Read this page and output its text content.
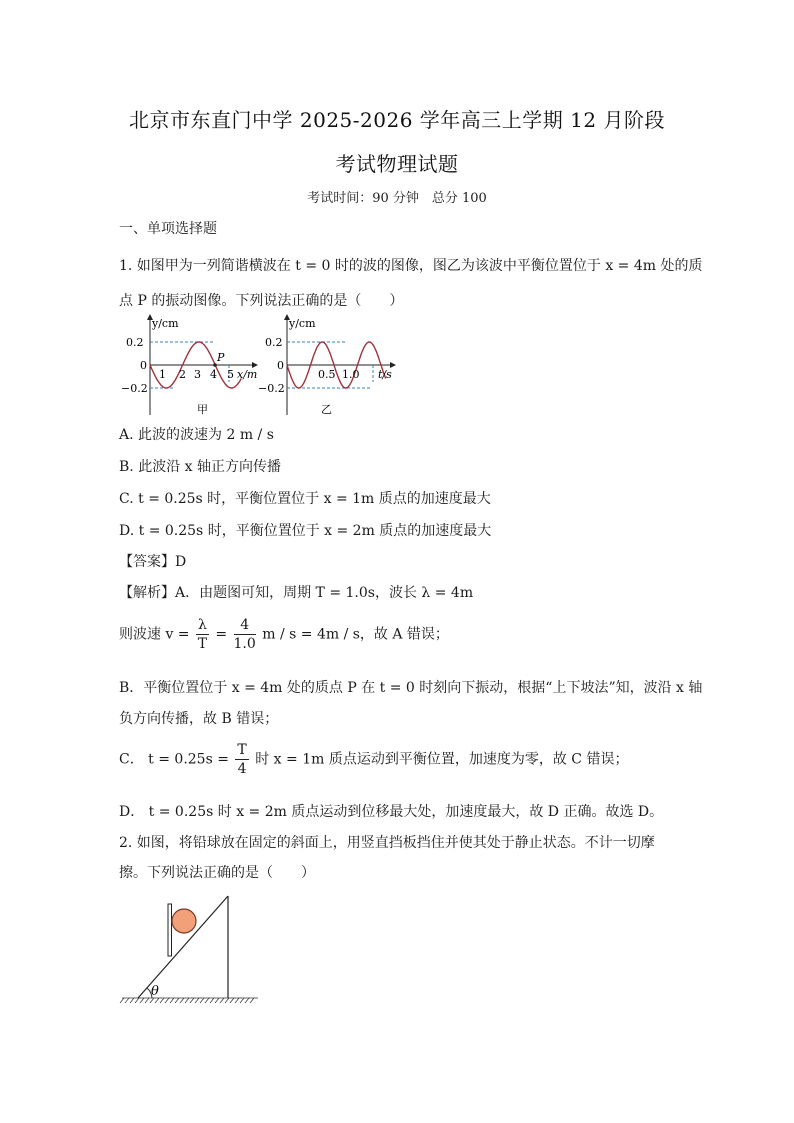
北京市东直门中学 2025-2026 学年高三上学期 12 月阶段
考试物理试题
考试时间：90 分钟　总分 100
一、单项选择题
1. 如图甲为一列简谐横波在 t = 0 时的波的图像，图乙为该波中平衡位置位于 x = 4m 处的质
点 P 的振动图像。下列说法正确的是（　　）
P
y/cm
0.2
0
−0.2
1 2 3 4 5 x/m
甲
y/cm
0.2
0
−0.2
0.5 1.0 t/s
乙
A. 此波的波速为 2 m / s
B. 此波沿 x 轴正方向传播
C. t = 0.25s 时，平衡位置位于 x = 1m 质点的加速度最大
D. t = 0.25s 时，平衡位置位于 x = 2m 质点的加速度最大
【答案】D
【解析】A．由题图可知，周期 T = 1.0s，波长 λ = 4m
则波速 $v = \frac{\lambda}{T} = \frac{4}{1.0}$ m / s = 4m / s，故 A 错误；
B．平衡位置位于 x = 4m 处的质点 P 在 t = 0 时刻向下振动，根据“上下坡法”知，波沿 x 轴
负方向传播，故 B 错误；
C． $t = 0.25s = \frac{T}{4}$ 时 x = 1m 质点运动到平衡位置，加速度为零，故 C 错误；
D． t = 0.25s 时 x = 2m 质点运动到位移最大处，加速度最大，故 D 正确。故选 D。
2. 如图，将铅球放在固定的斜面上，用竖直挡板挡住并使其处于静止状态。不计一切摩
擦。下列说法正确的是（　　）
θ
